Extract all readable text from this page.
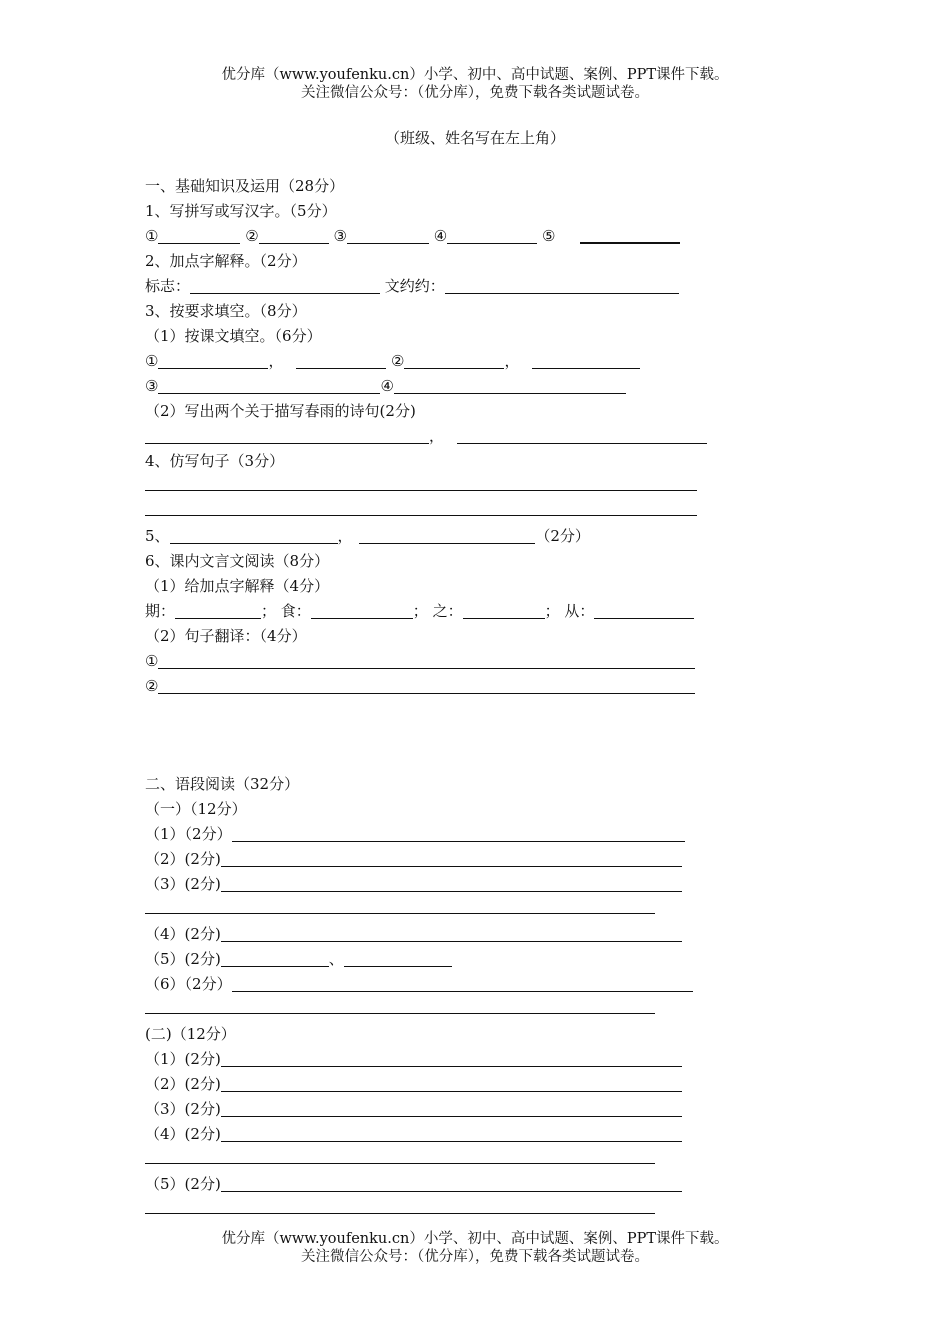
优分库（www.youfenku.cn）小学、初中、高中试题、案例、PPT课件下载。
关注微信公众号：（优分库），免费下载各类试题试卷。
（班级、姓名写在左上角）
一、基础知识及运用（28分）
1、写拼写或写汉字。（5分）
①	②	③	④	⑤
2、加点字解释。（2分）
标志：	文约约：
3、按要求填空。（8分）
（1）按课文填空。（6分）
①	，	②	，
③	④
（2）写出两个关于描写春雨的诗句(2分)
，
4、仿写句子（3分）
5、	，	（2分）
6、课内文言文阅读（8分）
（1）给加点字解释（4分）
期：	； 食：	； 之：	； 从：
（2）句子翻译：（4分）
①
②
二、语段阅读（32分）
（一）（12分）
（1）（2分）
（2）(2分)
（3）(2分)
（4）(2分)
（5）(2分)	、
（6）（2分）
(二)（12分）
（1）(2分)
（2）(2分)
（3）(2分)
（4）(2分)
（5）(2分)
优分库（www.youfenku.cn）小学、初中、高中试题、案例、PPT课件下载。
关注微信公众号：（优分库），免费下载各类试题试卷。
